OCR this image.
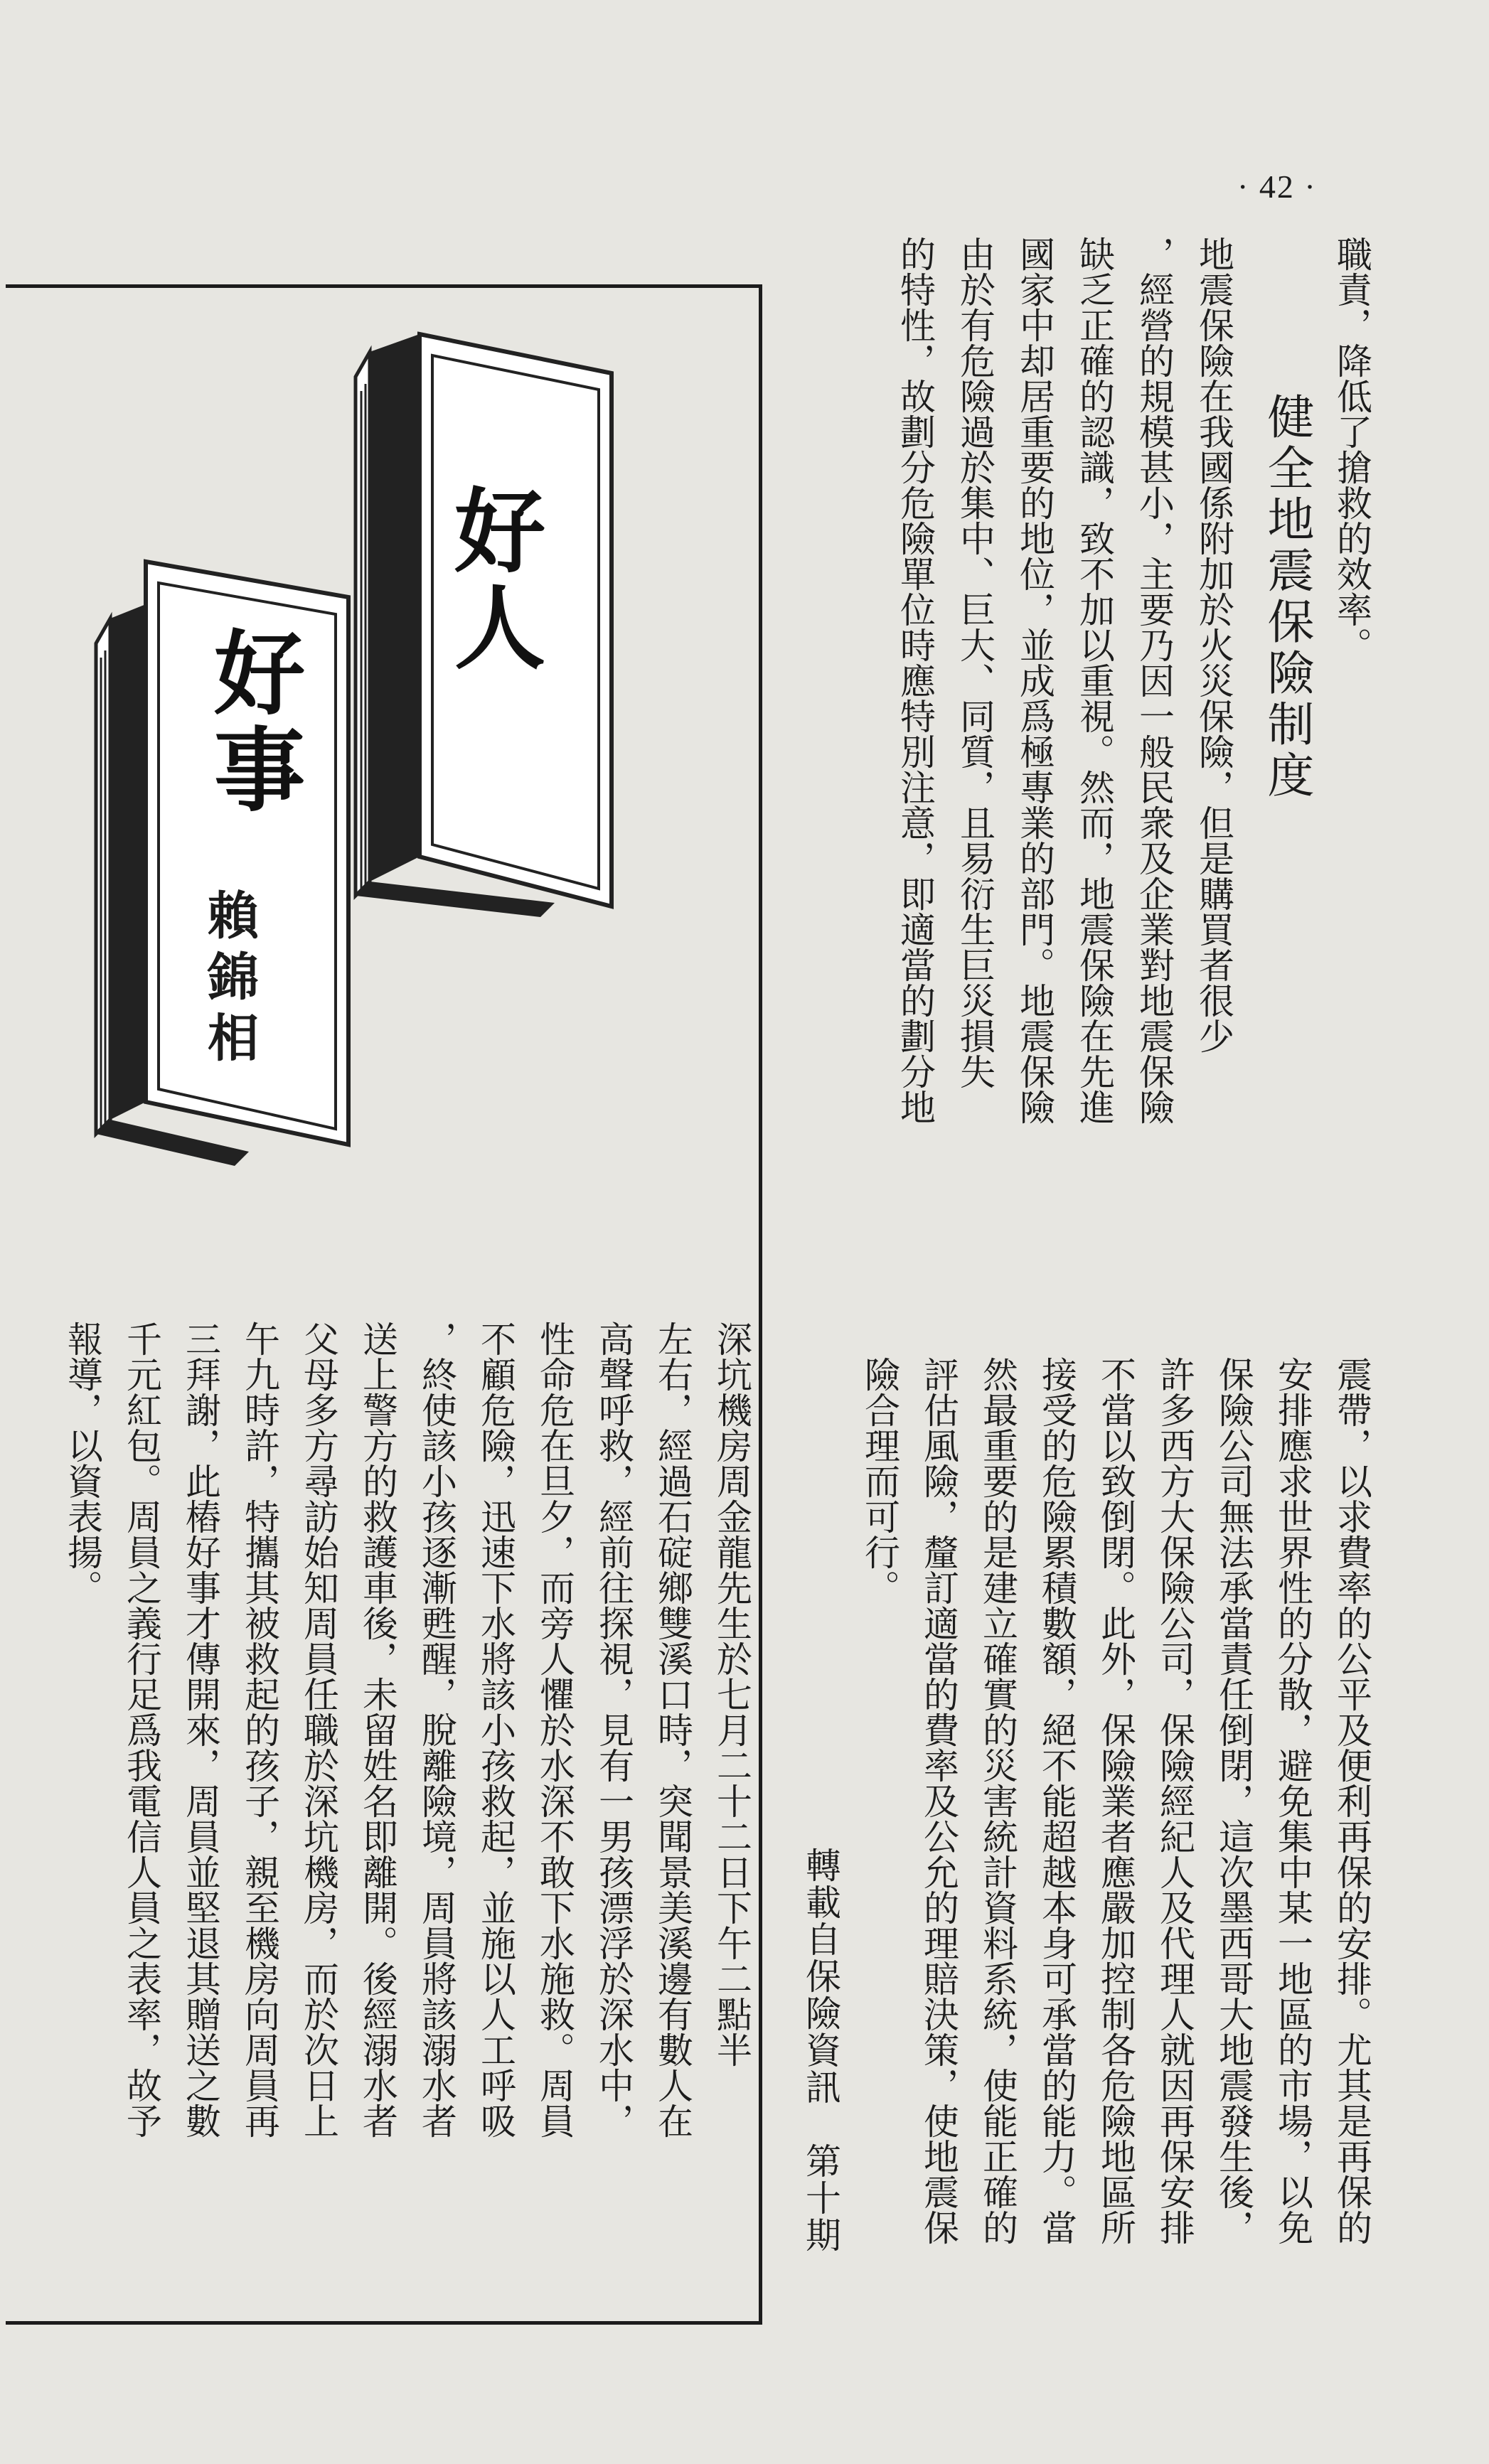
· 42 ·
職責，降低了搶救的效率。
健全地震保險制度
地震保險在我國係附加於火災保險，但是購買者很少
，經營的規模甚小，主要乃因一般民衆及企業對地震保險
缺乏正確的認識，致不加以重視。然而，地震保險在先進
國家中却居重要的地位，並成爲極專業的部門。地震保險
由於有危險過於集中、巨大、同質，且易衍生巨災損失
的特性，故劃分危險單位時應特別注意，即適當的劃分地
震帶，以求費率的公平及便利再保的安排。尤其是再保的
安排應求世界性的分散，避免集中某一地區的市場，以免
保險公司無法承當責任倒閉，這次墨西哥大地震發生後，
許多西方大保險公司，保險經紀人及代理人就因再保安排
不當以致倒閉。此外，保險業者應嚴加控制各危險地區所
接受的危險累積數額，絕不能超越本身可承當的能力。當
然最重要的是建立確實的災害統計資料系統，使能正確的
評估風險，釐訂適當的費率及公允的理賠決策，使地震保
險合理而可行。
轉載自保險資訊　第十期
好人
好事
賴錦相
深坑機房周金龍先生於七月二十二日下午二點半
左右，經過石碇鄉雙溪口時，突聞景美溪邊有數人在
高聲呼救，經前往探視，見有一男孩漂浮於深水中，
性命危在旦夕，而旁人懼於水深不敢下水施救。周員
不顧危險，迅速下水將該小孩救起，並施以人工呼吸
，終使該小孩逐漸甦醒，脫離險境，周員將該溺水者
送上警方的救護車後，未留姓名即離開。後經溺水者
父母多方尋訪始知周員任職於深坑機房，而於次日上
午九時許，特攜其被救起的孩子，親至機房向周員再
三拜謝，此樁好事才傳開來，周員並堅退其贈送之數
千元紅包。周員之義行足爲我電信人員之表率，故予
報導，以資表揚。
